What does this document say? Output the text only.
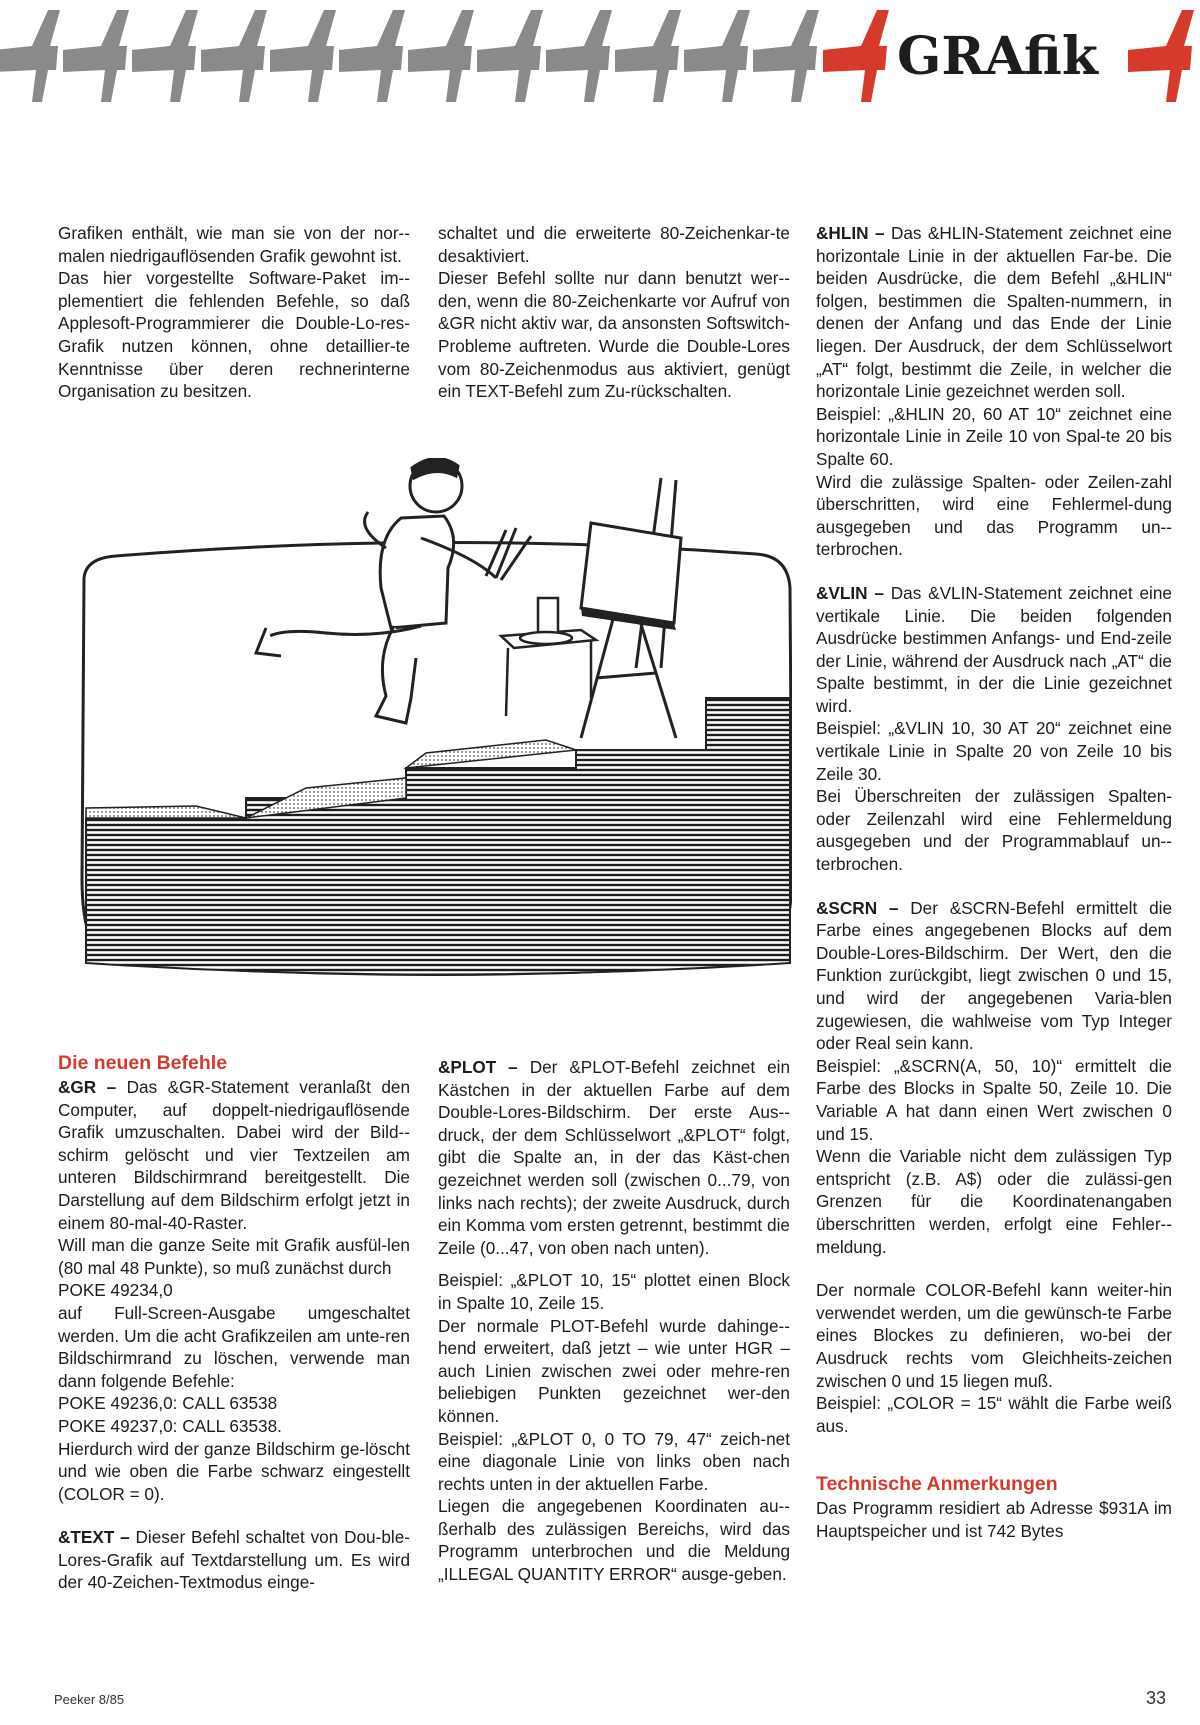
GRAfik

Grafiken enthält, wie man sie von der nor-malen niedrigauflösenden Grafik gewohnt ist.

Das hier vorgestellte Software-Paket im-plementiert die fehlenden Befehle, so daß Applesoft-Programmierer die Double-Lo-res-Grafik nutzen können, ohne detaillier-te Kenntnisse über deren rechnerinterne Organisation zu besitzen.

schaltet und die erweiterte 80-Zeichenkar-te desaktiviert.

Dieser Befehl sollte nur dann benutzt wer-den, wenn die 80-Zeichenkarte vor Aufruf von &GR nicht aktiv war, da ansonsten Softswitch-Probleme auftreten. Wurde die Double-Lores vom 80-Zeichenmodus aus aktiviert, genügt ein TEXT-Befehl zum Zu-rückschalten.

&HLIN – Das &HLIN-Statement zeichnet eine horizontale Linie in der aktuellen Far-be. Die beiden Ausdrücke, die dem Befehl „&HLIN“ folgen, bestimmen die Spalten-nummern, in denen der Anfang und das Ende der Linie liegen. Der Ausdruck, der dem Schlüsselwort „AT“ folgt, bestimmt die Zeile, in welcher die horizontale Linie gezeichnet werden soll.

Beispiel: „&HLIN 20, 60 AT 10“ zeichnet eine horizontale Linie in Zeile 10 von Spal-te 20 bis Spalte 60.

Wird die zulässige Spalten- oder Zeilen-zahl überschritten, wird eine Fehlermel-dung ausgegeben und das Programm un-terbrochen.

&VLIN – Das &VLIN-Statement zeichnet eine vertikale Linie. Die beiden folgenden Ausdrücke bestimmen Anfangs- und End-zeile der Linie, während der Ausdruck nach „AT“ die Spalte bestimmt, in der die Linie gezeichnet wird.

Beispiel: „&VLIN 10, 30 AT 20“ zeichnet eine vertikale Linie in Spalte 20 von Zeile 10 bis Zeile 30.

Bei Überschreiten der zulässigen Spalten- oder Zeilenzahl wird eine Fehlermeldung ausgegeben und der Programmablauf un-terbrochen.

&SCRN – Der &SCRN-Befehl ermittelt die Farbe eines angegebenen Blocks auf dem Double-Lores-Bildschirm. Der Wert, den die Funktion zurückgibt, liegt zwischen 0 und 15, und wird der angegebenen Varia-blen zugewiesen, die wahlweise vom Typ Integer oder Real sein kann.

Beispiel: „&SCRN(A, 50, 10)“ ermittelt die Farbe des Blocks in Spalte 50, Zeile 10. Die Variable A hat dann einen Wert zwischen 0 und 15.

Wenn die Variable nicht dem zulässigen Typ entspricht (z.B. A$) oder die zulässi-gen Grenzen für die Koordinatenangaben überschritten werden, erfolgt eine Fehler-meldung.

Der normale COLOR-Befehl kann weiter-hin verwendet werden, um die gewünsch-te Farbe eines Blockes zu definieren, wo-bei der Ausdruck rechts vom Gleichheits-zeichen zwischen 0 und 15 liegen muß.

Beispiel: „COLOR = 15“ wählt die Farbe weiß aus.

Technische Anmerkungen

Das Programm residiert ab Adresse $931A im Hauptspeicher und ist 742 Bytes

Die neuen Befehle

&GR – Das &GR-Statement veranlaßt den Computer, auf doppelt-niedrigauflösende Grafik umzuschalten. Dabei wird der Bild-schirm gelöscht und vier Textzeilen am unteren Bildschirmrand bereitgestellt. Die Darstellung auf dem Bildschirm erfolgt jetzt in einem 80-mal-40-Raster.

Will man die ganze Seite mit Grafik ausfül-len (80 mal 48 Punkte), so muß zunächst durch

POKE 49234,0

auf Full-Screen-Ausgabe umgeschaltet werden. Um die acht Grafikzeilen am unte-ren Bildschirmrand zu löschen, verwende man dann folgende Befehle:

POKE 49236,0: CALL 63538

POKE 49237,0: CALL 63538.

Hierdurch wird der ganze Bildschirm ge-löscht und wie oben die Farbe schwarz eingestellt (COLOR = 0).

&TEXT – Dieser Befehl schaltet von Dou-ble-Lores-Grafik auf Textdarstellung um. Es wird der 40-Zeichen-Textmodus einge-

&PLOT – Der &PLOT-Befehl zeichnet ein Kästchen in der aktuellen Farbe auf dem Double-Lores-Bildschirm. Der erste Aus-druck, der dem Schlüsselwort „&PLOT“ folgt, gibt die Spalte an, in der das Käst-chen gezeichnet werden soll (zwischen 0...79, von links nach rechts); der zweite Ausdruck, durch ein Komma vom ersten getrennt, bestimmt die Zeile (0...47, von oben nach unten).

Beispiel: „&PLOT 10, 15“ plottet einen Block in Spalte 10, Zeile 15.

Der normale PLOT-Befehl wurde dahinge-hend erweitert, daß jetzt – wie unter HGR – auch Linien zwischen zwei oder mehre-ren beliebigen Punkten gezeichnet wer-den können.

Beispiel: „&PLOT 0, 0 TO 79, 47“ zeich-net eine diagonale Linie von links oben nach rechts unten in der aktuellen Farbe.

Liegen die angegebenen Koordinaten au-ßerhalb des zulässigen Bereichs, wird das Programm unterbrochen und die Meldung „ILLEGAL QUANTITY ERROR“ ausge-geben.

Peeker 8/85	33
